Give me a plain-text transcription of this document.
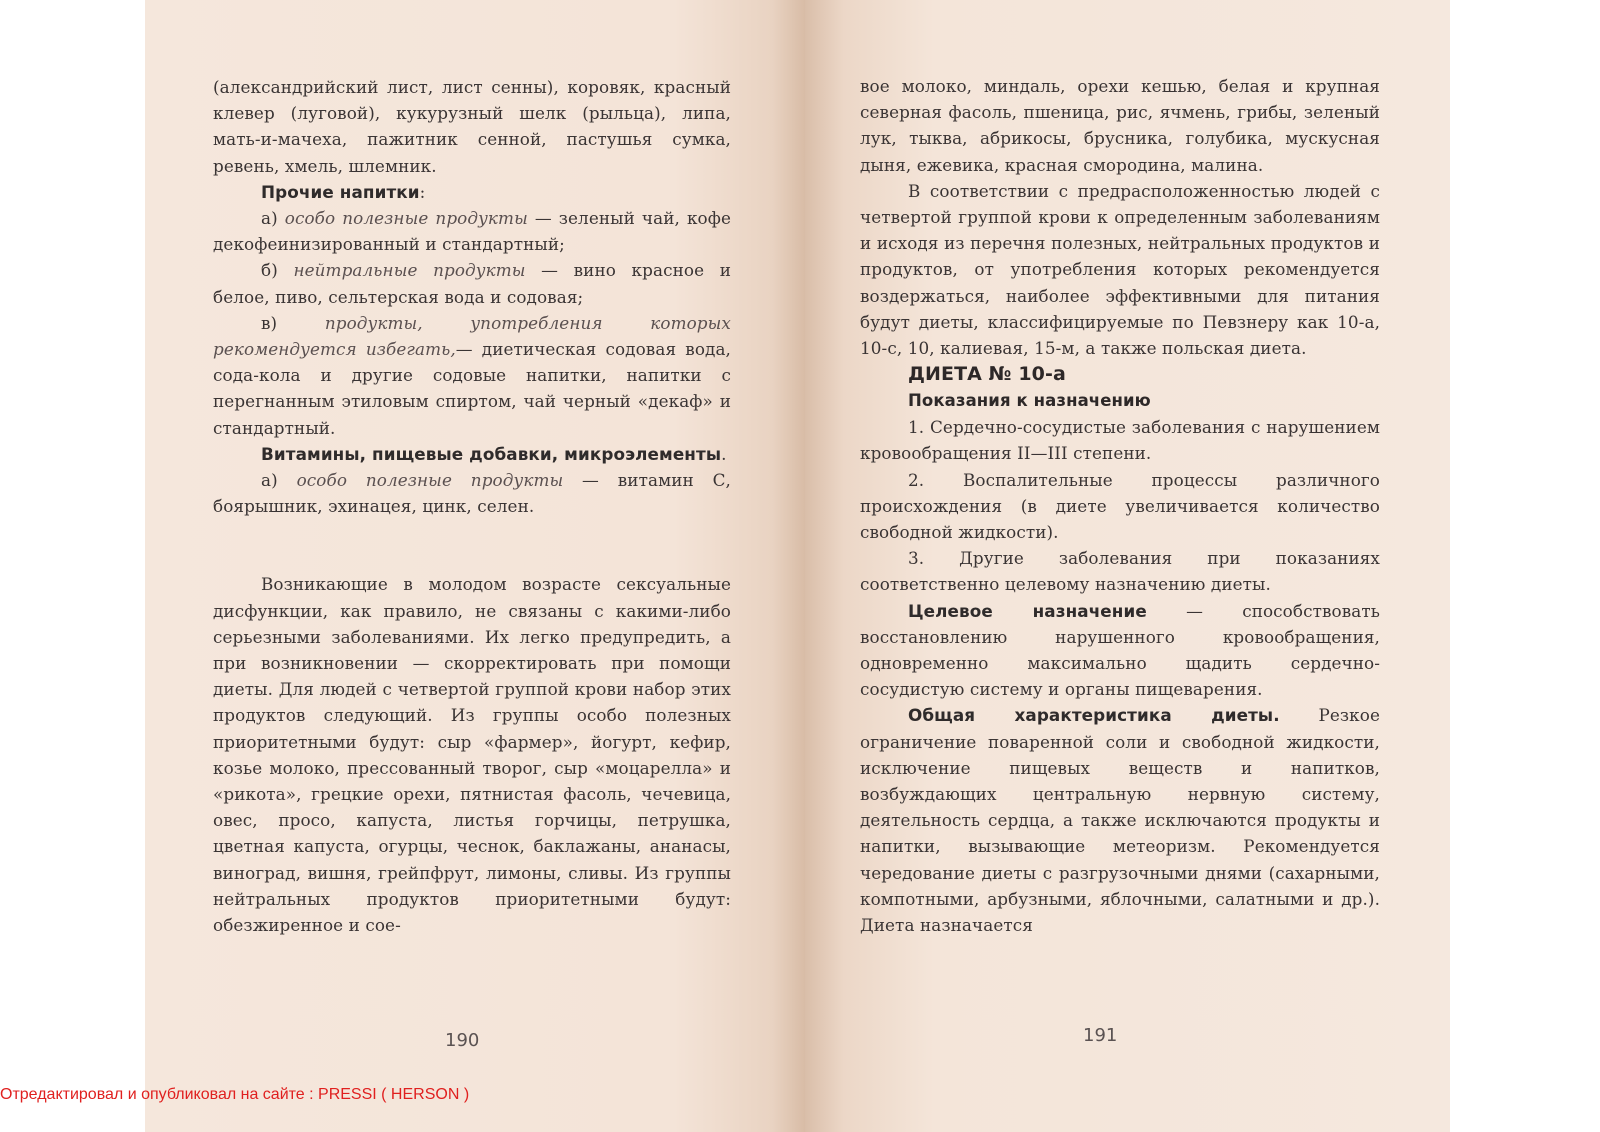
(александрийский лист, лист сенны), коровяк, красный клевер (луговой), кукурузный шелк (рыльца), липа, мать-и-мачеха, пажитник сенной, пастушья сумка, ревень, хмель, шлемник.

Прочие напитки:

а) особо полезные продукты — зеленый чай, кофе декофеинизированный и стандартный;

б) нейтральные продукты — вино красное и белое, пиво, сельтерская вода и содовая;

в) продукты, употребления которых рекомендуется избегать,— диетическая содовая вода, сода-кола и другие содовые напитки, напитки с перегнанным этиловым спиртом, чай черный «декаф» и стандартный.

Витамины, пищевые добавки, микроэлементы.

а) особо полезные продукты — витамин С, боярышник, эхинацея, цинк, селен.

Возникающие в молодом возрасте сексуальные дисфункции, как правило, не связаны с какими-либо серьезными заболеваниями. Их легко предупредить, а при возникновении — скорректировать при помощи диеты. Для людей с четвертой группой крови набор этих продуктов следующий. Из группы особо полезных приоритетными будут: сыр «фармер», йогурт, кефир, козье молоко, прессованный творог, сыр «моцарелла» и «рикота», грецкие орехи, пятнистая фасоль, чечевица, овес, просо, капуста, листья горчицы, петрушка, цветная капуста, огурцы, чеснок, баклажаны, ананасы, виноград, вишня, грейпфрут, лимоны, сливы. Из группы нейтральных продуктов приоритетными будут: обезжиренное и сое-

190

вое молоко, миндаль, орехи кешью, белая и крупная северная фасоль, пшеница, рис, ячмень, грибы, зеленый лук, тыква, абрикосы, брусника, голубика, мускусная дыня, ежевика, красная смородина, малина.

В соответствии с предрасположенностью людей с четвертой группой крови к определенным заболеваниям и исходя из перечня полезных, нейтральных продуктов и продуктов, от употребления которых рекомендуется воздержаться, наиболее эффективными для питания будут диеты, классифицируемые по Певзнеру как 10-а, 10-с, 10, калиевая, 15-м, а также польская диета.

ДИЕТА № 10-а

Показания к назначению

1. Сердечно-сосудистые заболевания с нарушением кровообращения II—III степени.

2. Воспалительные процессы различного происхождения (в диете увеличивается количество свободной жидкости).

3. Другие заболевания при показаниях соответственно целевому назначению диеты.

Целевое назначение — способствовать восстановлению нарушенного кровообращения, одновременно максимально щадить сердечно-сосудистую систему и органы пищеварения.

Общая характеристика диеты. Резкое ограничение поваренной соли и свободной жидкости, исключение пищевых веществ и напитков, возбуждающих центральную нервную систему, деятельность сердца, а также исключаются продукты и напитки, вызывающие метеоризм. Рекомендуется чередование диеты с разгрузочными днями (сахарными, компотными, арбузными, яблочными, салатными и др.). Диета назначается

191
Отредактировал и опубликовал на сайте : PRESSI ( HERSON )
